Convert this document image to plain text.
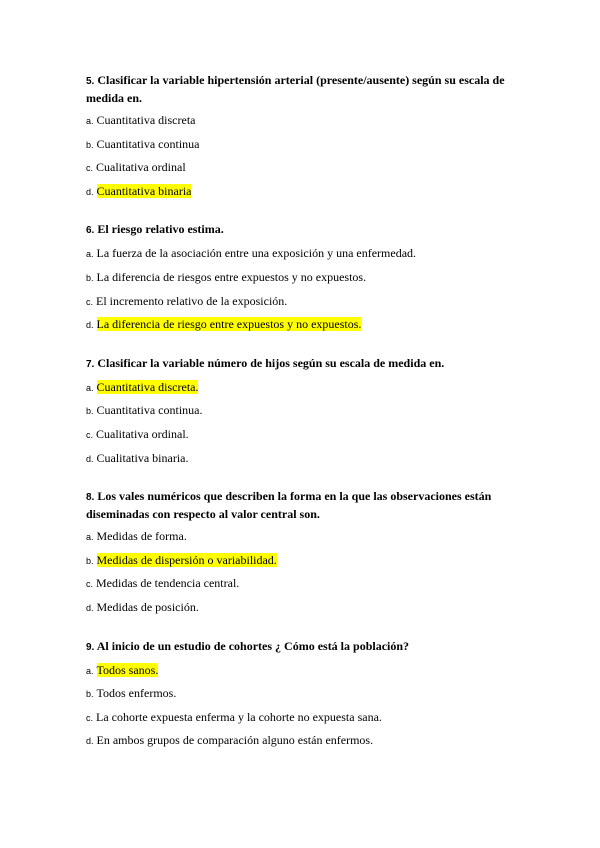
5. Clasificar la variable hipertensión arterial (presente/ausente) según su escala de medida en.

a. Cuantitativa discreta
b. Cuantitativa continua
c. Cualitativa ordinal
d. Cuantitativa binaria

6. El riesgo relativo estima.

a. La fuerza de la asociación entre una exposición y una enfermedad.
b. La diferencia de riesgos entre expuestos y no expuestos.
c. El incremento relativo de la exposición.
d. La diferencia de riesgo entre expuestos y no expuestos.

7. Clasificar la variable número de hijos según su escala de medida en.

a. Cuantitativa discreta.
b. Cuantitativa continua.
c. Cualitativa ordinal.
d. Cualitativa binaria.

8. Los vales numéricos que describen la forma en la que las observaciones están diseminadas con respecto al valor central son.

a. Medidas de forma.
b. Medidas de dispersión o variabilidad.
c. Medidas de tendencia central.
d. Medidas de posición.

9. Al inicio de un estudio de cohortes ¿ Cómo está la población?

a. Todos sanos.
b. Todos enfermos.
c. La cohorte expuesta enferma y la cohorte no expuesta sana.
d. En ambos grupos de comparación alguno están enfermos.
